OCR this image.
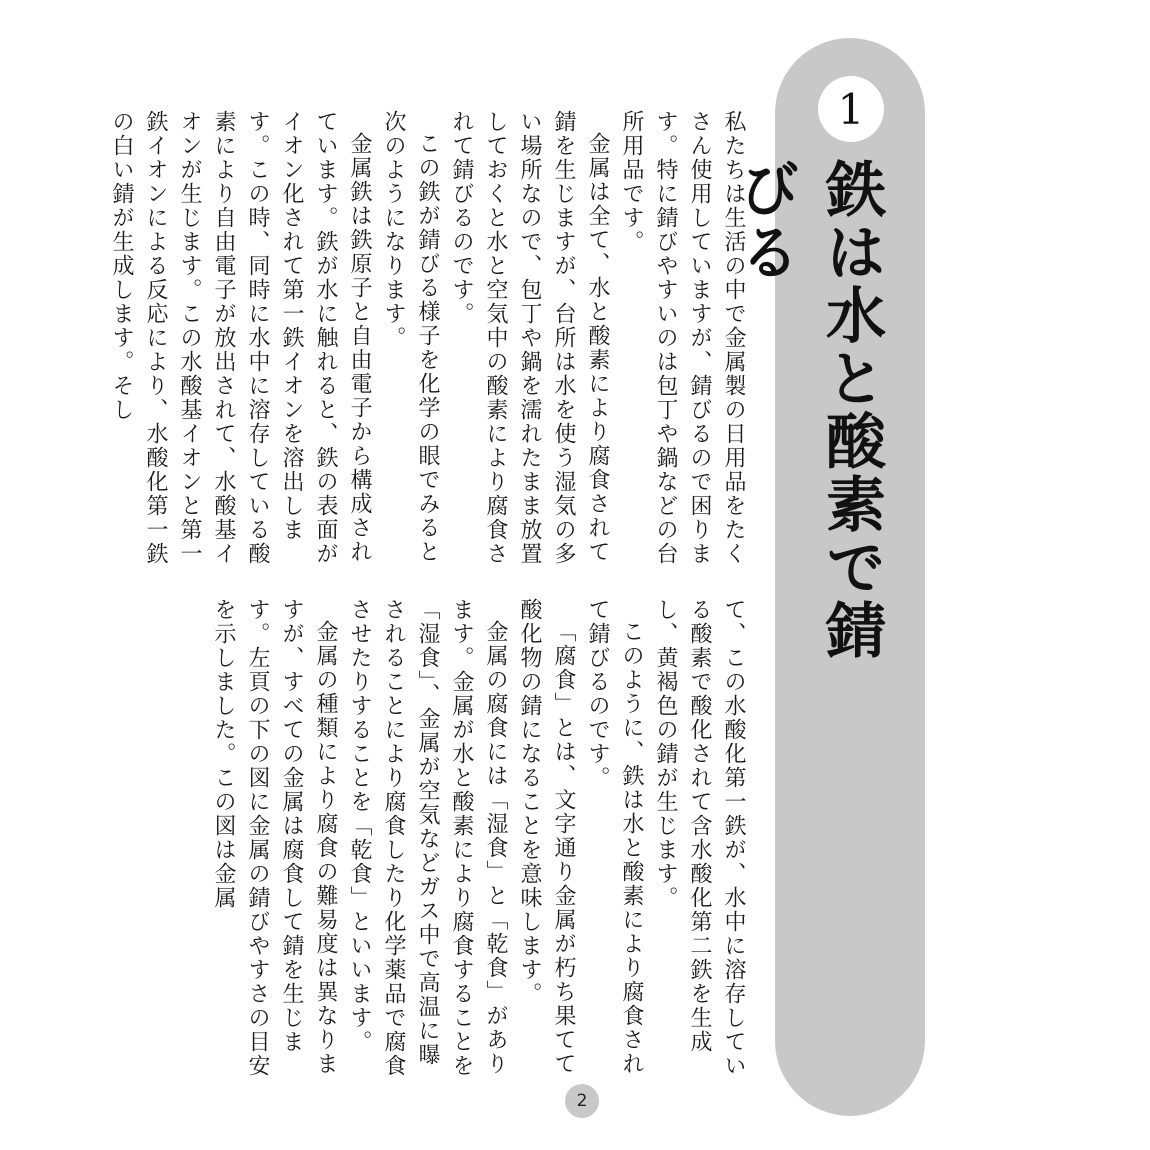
1
鉄は水と酸素で錆びる

私たちは生活の中で金属製の日用品をたくさん使用していますが、錆びるので困ります。特に錆びやすいのは包丁や鍋などの台所用品です。

金属は全て、水と酸素により腐食されて錆を生じますが、台所は水を使う湿気の多い場所なので、包丁や鍋を濡れたまま放置しておくと水と空気中の酸素により腐食されて錆びるのです。

この鉄が錆びる様子を化学の眼でみると次のようになります。

金属鉄は鉄原子と自由電子から構成されています。鉄が水に触れると、鉄の表面がイオン化されて第一鉄イオンを溶出します。この時、同時に水中に溶存している酸素により自由電子が放出されて、水酸基イオンが生じます。この水酸基イオンと第一鉄イオンによる反応により、水酸化第一鉄の白い錆が生成します。そし

て、この水酸化第一鉄が、水中に溶存している酸素で酸化されて含水酸化第二鉄を生成し、黄褐色の錆が生じます。

このように、鉄は水と酸素により腐食されて錆びるのです。

「腐食」とは、文字通り金属が朽ち果てて酸化物の錆になることを意味します。

金属の腐食には「湿食」と「乾食」があります。金属が水と酸素により腐食することを「湿食」、金属が空気などガス中で高温に曝されることにより腐食したり化学薬品で腐食させたりすることを「乾食」といいます。

金属の種類により腐食の難易度は異なりますが、すべての金属は腐食して錆を生じます。左頁の下の図に金属の錆びやすさの目安を示しました。この図は金属

2
